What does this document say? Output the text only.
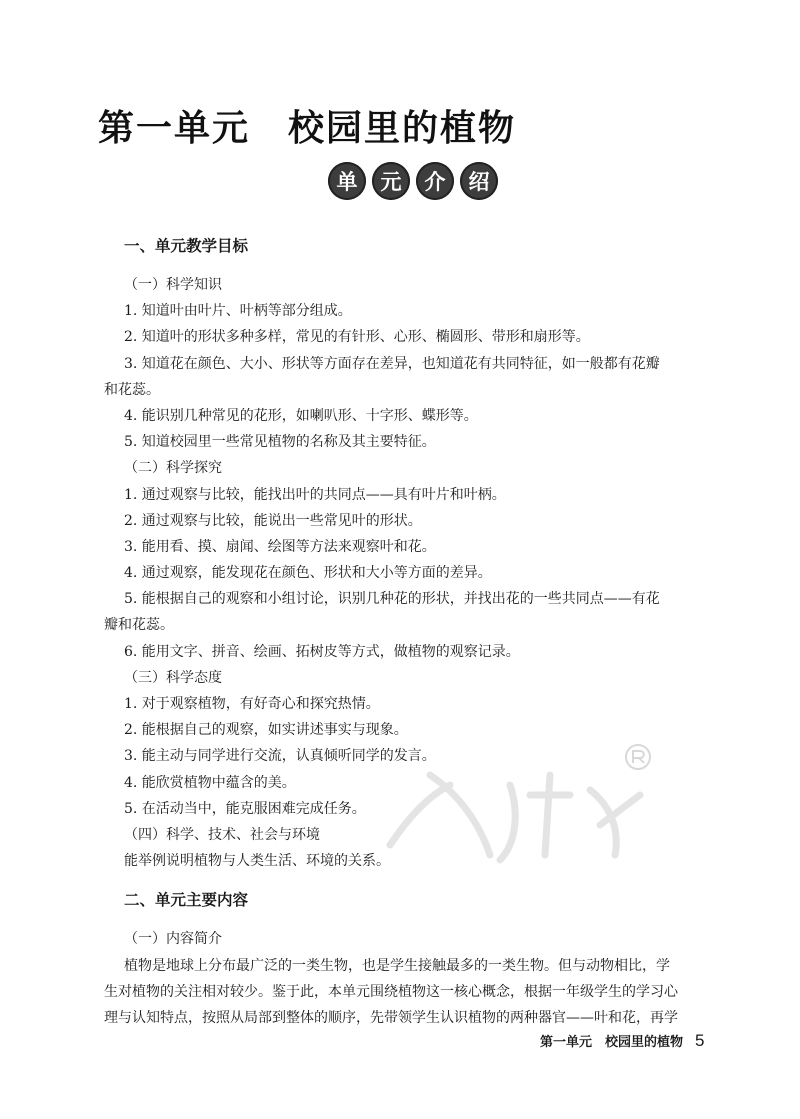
第一单元　校园里的植物
单	元	介	绍
一、单元教学目标

（一）科学知识

1. 知道叶由叶片、叶柄等部分组成。

2. 知道叶的形状多种多样，常见的有针形、心形、椭圆形、带形和扇形等。

3. 知道花在颜色、大小、形状等方面存在差异，也知道花有共同特征，如一般都有花瓣

和花蕊。

4. 能识别几种常见的花形，如喇叭形、十字形、蝶形等。

5. 知道校园里一些常见植物的名称及其主要特征。

（二）科学探究

1. 通过观察与比较，能找出叶的共同点——具有叶片和叶柄。

2. 通过观察与比较，能说出一些常见叶的形状。

3. 能用看、摸、扇闻、绘图等方法来观察叶和花。

4. 通过观察，能发现花在颜色、形状和大小等方面的差异。

5. 能根据自己的观察和小组讨论，识别几种花的形状，并找出花的一些共同点——有花

瓣和花蕊。

6. 能用文字、拼音、绘画、拓树皮等方式，做植物的观察记录。

（三）科学态度

1. 对于观察植物，有好奇心和探究热情。

2. 能根据自己的观察，如实讲述事实与现象。

3. 能主动与同学进行交流，认真倾听同学的发言。

4. 能欣赏植物中蕴含的美。

5. 在活动当中，能克服困难完成任务。

（四）科学、技术、社会与环境

能举例说明植物与人类生活、环境的关系。

二、单元主要内容

（一）内容简介

植物是地球上分布最广泛的一类生物，也是学生接触最多的一类生物。但与动物相比，学

生对植物的关注相对较少。鉴于此，本单元围绕植物这一核心概念，根据一年级学生的学习心

理与认知特点，按照从局部到整体的顺序，先带领学生认识植物的两种器官——叶和花，再学

第一单元　校园里的植物 5
